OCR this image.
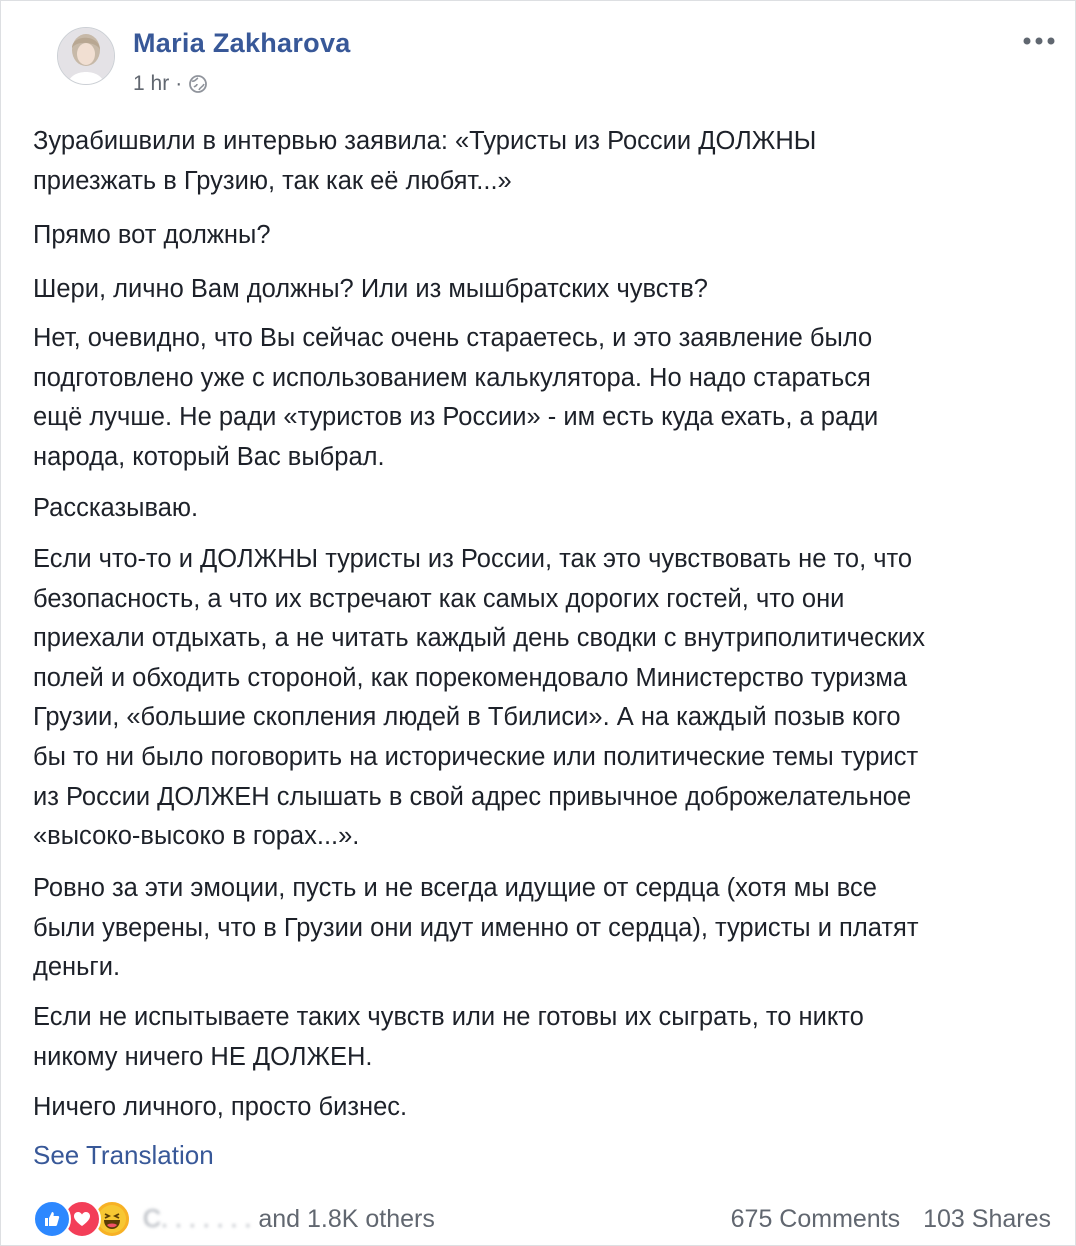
Maria Zakharova
1 hr ·

Зурабишвили в интервью заявила: «Туристы из России ДОЛЖНЫ
приезжать в Грузию, так как её любят...»

Прямо вот должны?

Шери, лично Вам должны? Или из мышбратских чувств?

Нет, очевидно, что Вы сейчас очень стараетесь, и это заявление было
подготовлено уже с использованием калькулятора. Но надо стараться
ещё лучше. Не ради «туристов из России» - им есть куда ехать, а ради
народа, который Вас выбрал.

Рассказываю.

Если что-то и ДОЛЖНЫ туристы из России, так это чувствовать не то, что
безопасность, а что их встречают как самых дорогих гостей, что они
приехали отдыхать, а не читать каждый день сводки с внутриполитических
полей и обходить стороной, как порекомендовало Министерство туризма
Грузии, «большие скопления людей в Тбилиси». А на каждый позыв кого
бы то ни было поговорить на исторические или политические темы турист
из России ДОЛЖЕН слышать в свой адрес привычное доброжелательное
«высоко-высоко в горах...».

Ровно за эти эмоции, пусть и не всегда идущие от сердца (хотя мы все
были уверены, что в Грузии они идут именно от сердца), туристы и платят
деньги.

Если не испытываете таких чувств или не готовы их сыграть, то никто
никому ничего НЕ ДОЛЖЕН.

Ничего личного, просто бизнес.

See Translation
С. . . . . . . and 1.8K others	675 Comments 103 Shares
